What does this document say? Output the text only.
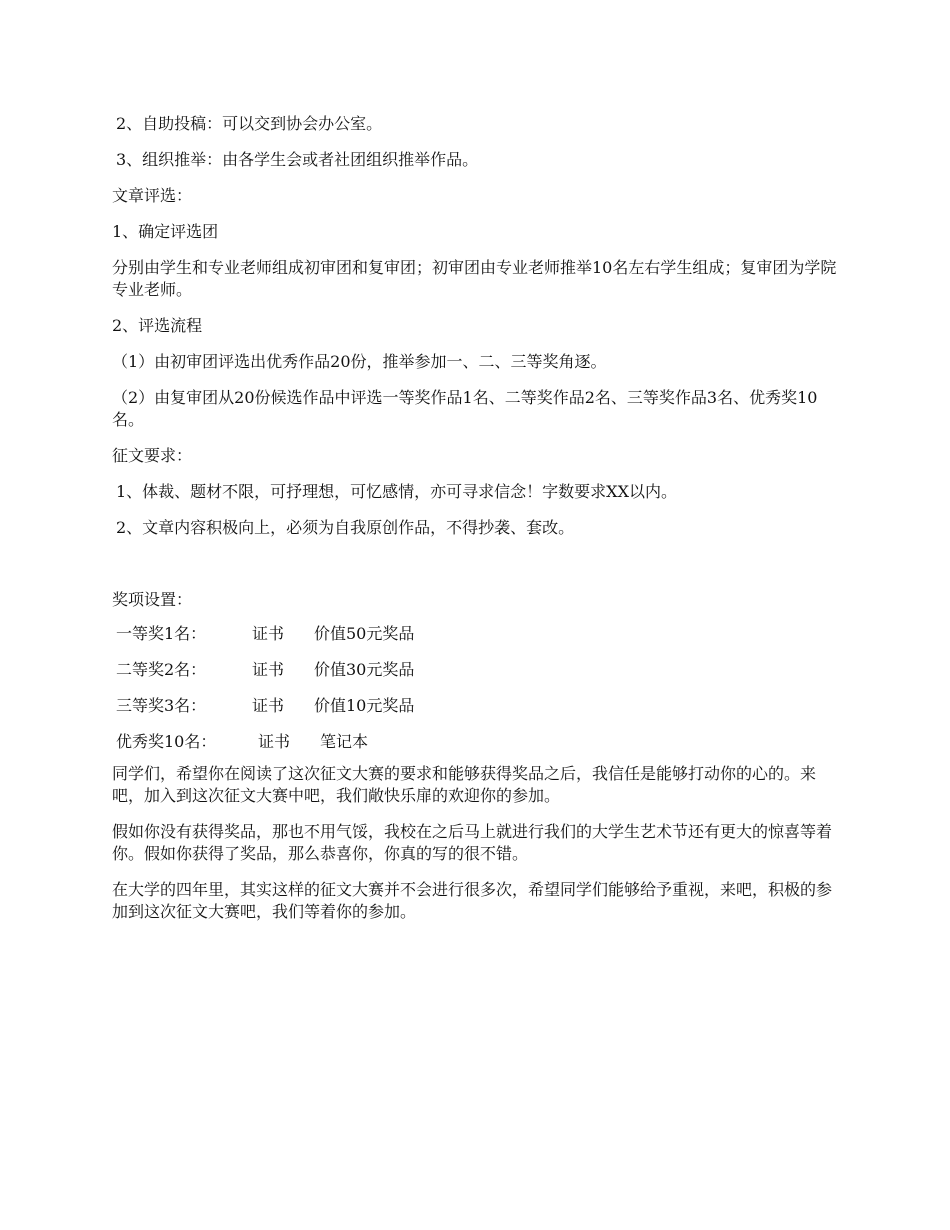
2、自助投稿：可以交到协会办公室。

3、组织推举：由各学生会或者社团组织推举作品。

文章评选：

1、确定评选团

分别由学生和专业老师组成初审团和复审团；初审团由专业老师推举10名左右学生组成；复审团为学院专业老师。

2、评选流程

（1）由初审团评选出优秀作品20份，推举参加一、二、三等奖角逐。

（2）由复审团从20份候选作品中评选一等奖作品1名、二等奖作品2名、三等奖作品3名、优秀奖10名。

征文要求：

1、体裁、题材不限，可抒理想，可忆感情，亦可寻求信念！字数要求XX以内。

2、文章内容积极向上，必须为自我原创作品，不得抄袭、套改。

奖项设置：

一等奖1名：	证书 价值50元奖品
二等奖2名：	证书 价值30元奖品
三等奖3名：	证书 价值10元奖品
优秀奖10名：	证书 笔记本

同学们，希望你在阅读了这次征文大赛的要求和能够获得奖品之后，我信任是能够打动你的心的。来吧，加入到这次征文大赛中吧，我们敞快乐扉的欢迎你的参加。

假如你没有获得奖品，那也不用气馁，我校在之后马上就进行我们的大学生艺术节还有更大的惊喜等着你。假如你获得了奖品，那么恭喜你，你真的写的很不错。

在大学的四年里，其实这样的征文大赛并不会进行很多次，希望同学们能够给予重视，来吧，积极的参加到这次征文大赛吧，我们等着你的参加。
